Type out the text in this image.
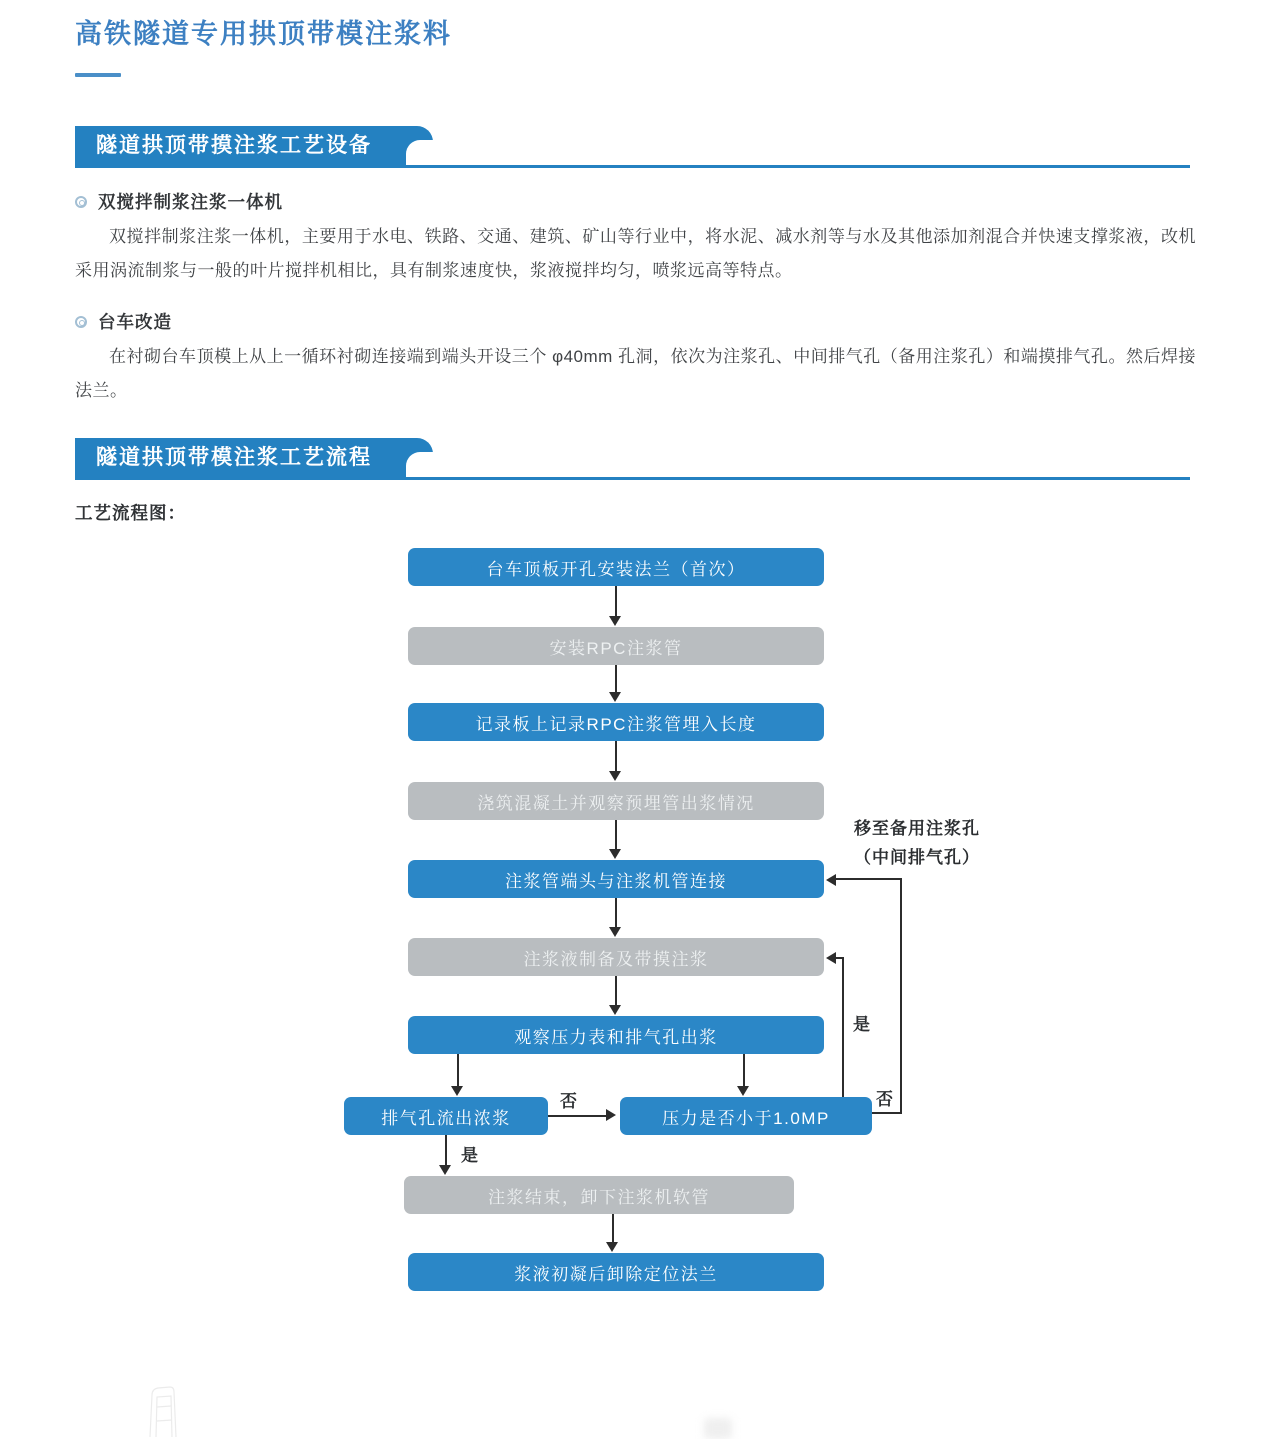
高铁隧道专用拱顶带模注浆料
隧道拱顶带摸注浆工艺设备
双搅拌制浆注浆一体机

双搅拌制浆注浆一体机，主要用于水电、铁路、交通、建筑、矿山等行业中，将水泥、减水剂等与水及其他添加剂混合并快速支撑浆液，改机采用涡流制浆与一般的叶片搅拌机相比，具有制浆速度快，浆液搅拌均匀，喷浆远高等特点。

台车改造

在衬砌台车顶模上从上一循环衬砌连接端到端头开设三个 φ40mm 孔洞，依次为注浆孔、中间排气孔（备用注浆孔）和端摸排气孔。然后焊接法兰。

隧道拱顶带模注浆工艺流程
工艺流程图：
台车顶板开孔安装法兰（首次）
安装RPC注浆管
记录板上记录RPC注浆管埋入长度
浇筑混凝土并观察预埋管出浆情况
注浆管端头与注浆机管连接
注浆液制备及带摸注浆
观察压力表和排气孔出浆
排气孔流出浓浆	压力是否小于1.0MP
注浆结束，卸下注浆机软管
浆液初凝后卸除定位法兰
否
是
是
否
移至备用注浆孔
（中间排气孔）
